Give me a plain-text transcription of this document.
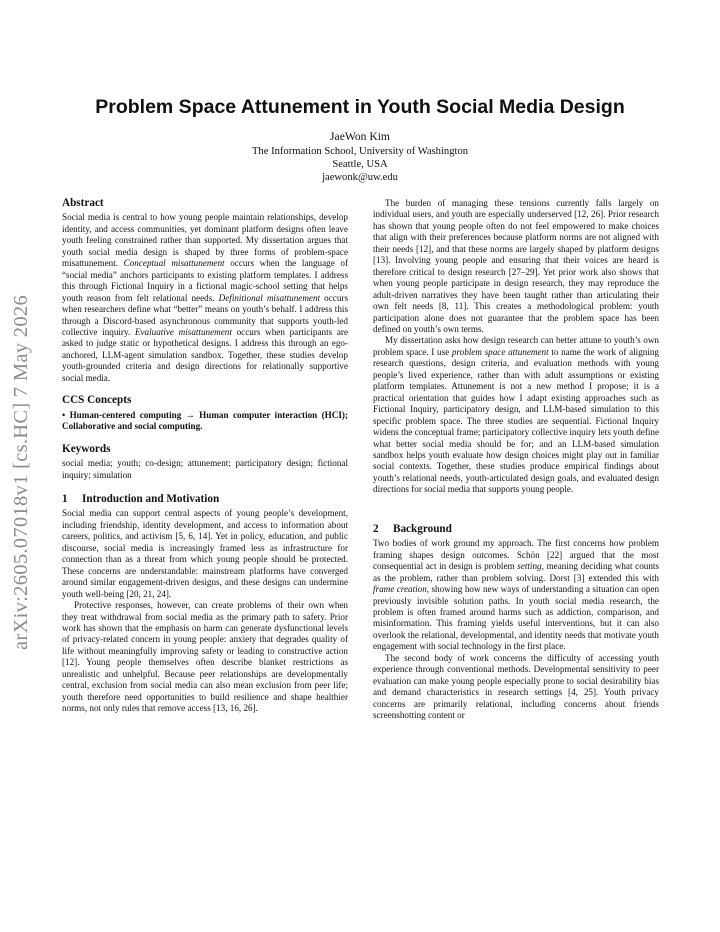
arXiv:2605.07018v1 [cs.HC] 7 May 2026
Problem Space Attunement in Youth Social Media Design
JaeWon Kim
The Information School, University of Washington
Seattle, USA
jaewonk@uw.edu
Abstract

Social media is central to how young people maintain relationships, develop identity, and access communities, yet dominant platform designs often leave youth feeling constrained rather than supported. My dissertation argues that youth social media design is shaped by three forms of problem-space misattunement. Conceptual misattunement occurs when the language of “social media” anchors participants to existing platform templates. I address this through Fictional Inquiry in a fictional magic-school setting that helps youth reason from felt relational needs. Definitional misattunement occurs when researchers define what “better” means on youth’s behalf. I address this through a Discord-based asynchronous community that supports youth-led collective inquiry. Evaluative misattunement occurs when participants are asked to judge static or hypothetical designs. I address this through an ego-anchored, LLM-agent simulation sandbox. Together, these studies develop youth-grounded criteria and design directions for relationally supportive social media.

CCS Concepts

• Human-centered computing → Human computer interaction (HCI); Collaborative and social computing.

Keywords

social media; youth; co-design; attunement; participatory design; fictional inquiry; simulation

1 Introduction and Motivation

Social media can support central aspects of young people’s development, including friendship, identity development, and access to information about careers, politics, and activism [5, 6, 14]. Yet in policy, education, and public discourse, social media is increasingly framed less as infrastructure for connection than as a threat from which young people should be protected. These concerns are understandable: mainstream platforms have converged around similar engagement-driven designs, and these designs can undermine youth well-being [20, 21, 24].

Protective responses, however, can create problems of their own when they treat withdrawal from social media as the primary path to safety. Prior work has shown that the emphasis on harm can generate dysfunctional levels of privacy-related concern in young people: anxiety that degrades quality of life without meaningfully improving safety or leading to constructive action [12]. Young people themselves often describe blanket restrictions as unrealistic and unhelpful. Because peer relationships are developmentally central, exclusion from social media can also mean exclusion from peer life; youth therefore need opportunities to build resilience and shape healthier norms, not only rules that remove access [13, 16, 26].

The burden of managing these tensions currently falls largely on individual users, and youth are especially underserved [12, 26]. Prior research has shown that young people often do not feel empowered to make choices that align with their preferences because platform norms are not aligned with their needs [12], and that these norms are largely shaped by platform designs [13]. Involving young people and ensuring that their voices are heard is therefore critical to design research [27–29]. Yet prior work also shows that when young people participate in design research, they may reproduce the adult-driven narratives they have been taught rather than articulating their own felt needs [8, 11]. This creates a methodological problem: youth participation alone does not guarantee that the problem space has been defined on youth’s own terms.

My dissertation asks how design research can better attune to youth’s own problem space. I use problem space attunement to name the work of aligning research questions, design criteria, and evaluation methods with young people’s lived experience, rather than with adult assumptions or existing platform templates. Attunement is not a new method I propose; it is a practical orientation that guides how I adapt existing approaches such as Fictional Inquiry, participatory design, and LLM-based simulation to this specific problem space. The three studies are sequential. Fictional Inquiry widens the conceptual frame; participatory collective inquiry lets youth define what better social media should be for; and an LLM-based simulation sandbox helps youth evaluate how design choices might play out in familiar social contexts. Together, these studies produce empirical findings about youth’s relational needs, youth-articulated design goals, and evaluated design directions for social media that supports young people.

2 Background

Two bodies of work ground my approach. The first concerns how problem framing shapes design outcomes. Schön [22] argued that the most consequential act in design is problem setting, meaning deciding what counts as the problem, rather than problem solving. Dorst [3] extended this with frame creation, showing how new ways of understanding a situation can open previously invisible solution paths. In youth social media research, the problem is often framed around harms such as addiction, comparison, and misinformation. This framing yields useful interventions, but it can also overlook the relational, developmental, and identity needs that motivate youth engagement with social technology in the first place.

The second body of work concerns the difficulty of accessing youth experience through conventional methods. Developmental sensitivity to peer evaluation can make young people especially prone to social desirability bias and demand characteristics in research settings [4, 25]. Youth privacy concerns are primarily relational, including concerns about friends screenshotting content or
